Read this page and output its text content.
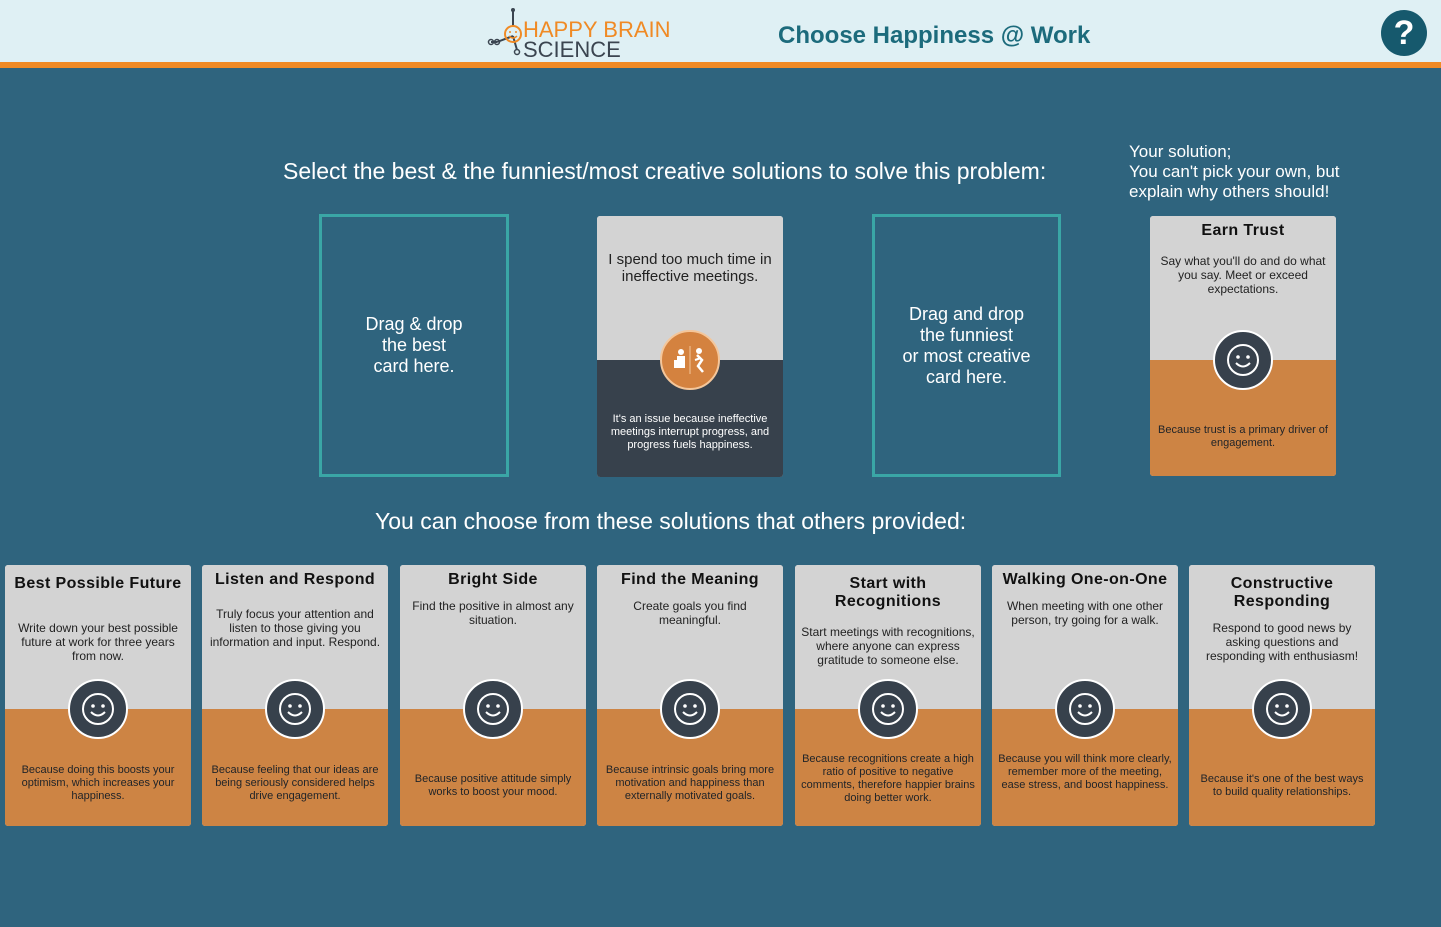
HAPPY BRAIN
SCIENCE
Choose Happiness @ Work	?
Select the best & the funniest/most creative solutions to solve this problem:
Your solution;
You can't pick your own, but
explain why others should!
Drag & drop
the best
card here.
I spend too much time in ineffective meetings.
It's an issue because ineffective meetings interrupt progress, and progress fuels happiness.
Drag and drop
the funniest
or most creative
card here.
Earn Trust
Say what you'll do and do what you say. Meet or exceed expectations.
Because trust is a primary driver of engagement.
You can choose from these solutions that others provided:
Best Possible Future
Write down your best possible future at work for three years from now.
Because doing this boosts your optimism, which increases your happiness.
Listen and Respond
Truly focus your attention and listen to those giving you information and input. Respond.
Because feeling that our ideas are being seriously considered helps drive engagement.
Bright Side
Find the positive in almost any situation.
Because positive attitude simply works to boost your mood.
Find the Meaning
Create goals you find meaningful.
Because intrinsic goals bring more motivation and happiness than externally motivated goals.
Start with Recognitions
Start meetings with recognitions, where anyone can express gratitude to someone else.
Because recognitions create a high ratio of positive to negative comments, therefore happier brains doing better work.
Walking One-on-One
When meeting with one other person, try going for a walk.
Because you will think more clearly, remember more of the meeting, ease stress, and boost happiness.
Constructive Responding
Respond to good news by asking questions and responding with enthusiasm!
Because it's one of the best ways to build quality relationships.
